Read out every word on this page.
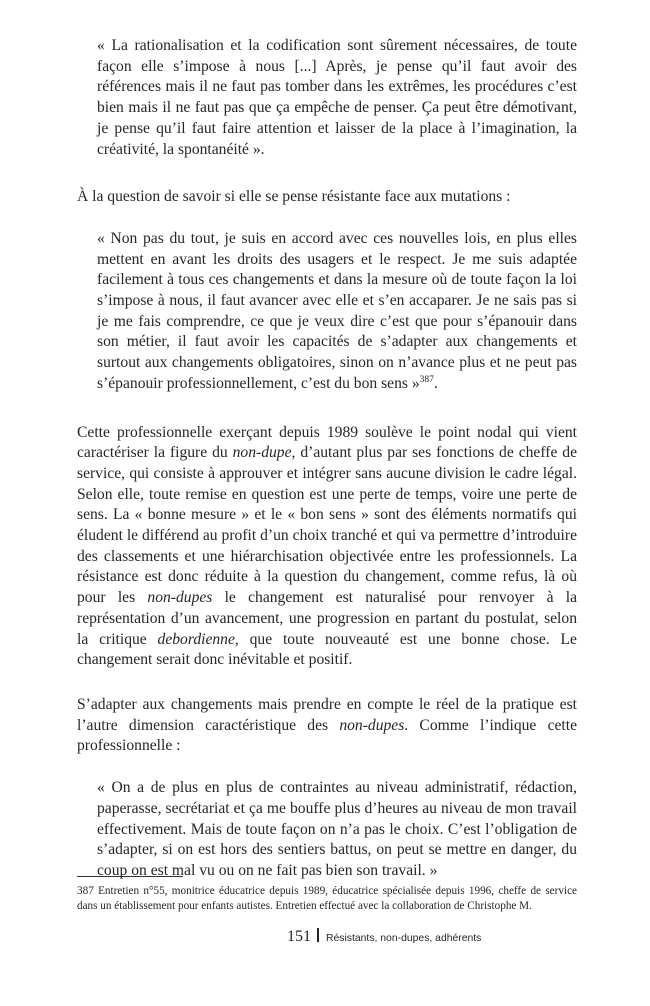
« La rationalisation et la codification sont sûrement nécessaires, de toute façon elle s’impose à nous [...] Après, je pense qu’il faut avoir des références mais il ne faut pas tomber dans les extrêmes, les procédures c’est bien mais il ne faut pas que ça empêche de penser. Ça peut être démotivant, je pense qu’il faut faire attention et laisser de la place à l’imagination, la créativité, la spontanéité ».

À la question de savoir si elle se pense résistante face aux mutations :

« Non pas du tout, je suis en accord avec ces nouvelles lois, en plus elles mettent en avant les droits des usagers et le respect. Je me suis adaptée facilement à tous ces changements et dans la mesure où de toute façon la loi s’impose à nous, il faut avancer avec elle et s’en accaparer. Je ne sais pas si je me fais comprendre, ce que je veux dire c’est que pour s’épanouir dans son métier, il faut avoir les capacités de s’adapter aux changements et surtout aux changements obligatoires, sinon on n’avance plus et ne peut pas s’épanouir professionnellement, c’est du bon sens »$^{387}$.

Cette professionnelle exerçant depuis 1989 soulève le point nodal qui vient caractériser la figure du non-dupe, d’autant plus par ses fonctions de cheffe de service, qui consiste à approuver et intégrer sans aucune division le cadre légal. Selon elle, toute remise en question est une perte de temps, voire une perte de sens. La « bonne mesure » et le « bon sens » sont des éléments normatifs qui éludent le différend au profit d’un choix tranché et qui va permettre d’introduire des classements et une hiérarchisation objectivée entre les professionnels. La résistance est donc réduite à la question du changement, comme refus, là où pour les non-dupes le changement est naturalisé pour renvoyer à la représentation d’un avancement, une progression en partant du postulat, selon la critique debordienne, que toute nouveauté est une bonne chose. Le changement serait donc inévitable et positif.

S’adapter aux changements mais prendre en compte le réel de la pratique est l’autre dimension caractéristique des non-dupes. Comme l’indique cette professionnelle :

« On a de plus en plus de contraintes au niveau administratif, rédaction, paperasse, secrétariat et ça me bouffe plus d’heures au niveau de mon travail effectivement. Mais de toute façon on n’a pas le choix. C’est l’obligation de s’adapter, si on est hors des sentiers battus, on peut se mettre en danger, du coup on est mal vu ou on ne fait pas bien son travail. »

387 Entretien n°55, monitrice éducatrice depuis 1989, éducatrice spécialisée depuis 1996, cheffe de service dans un établissement pour enfants autistes. Entretien effectué avec la collaboration de Christophe M.

151 Résistants, non-dupes, adhérents
